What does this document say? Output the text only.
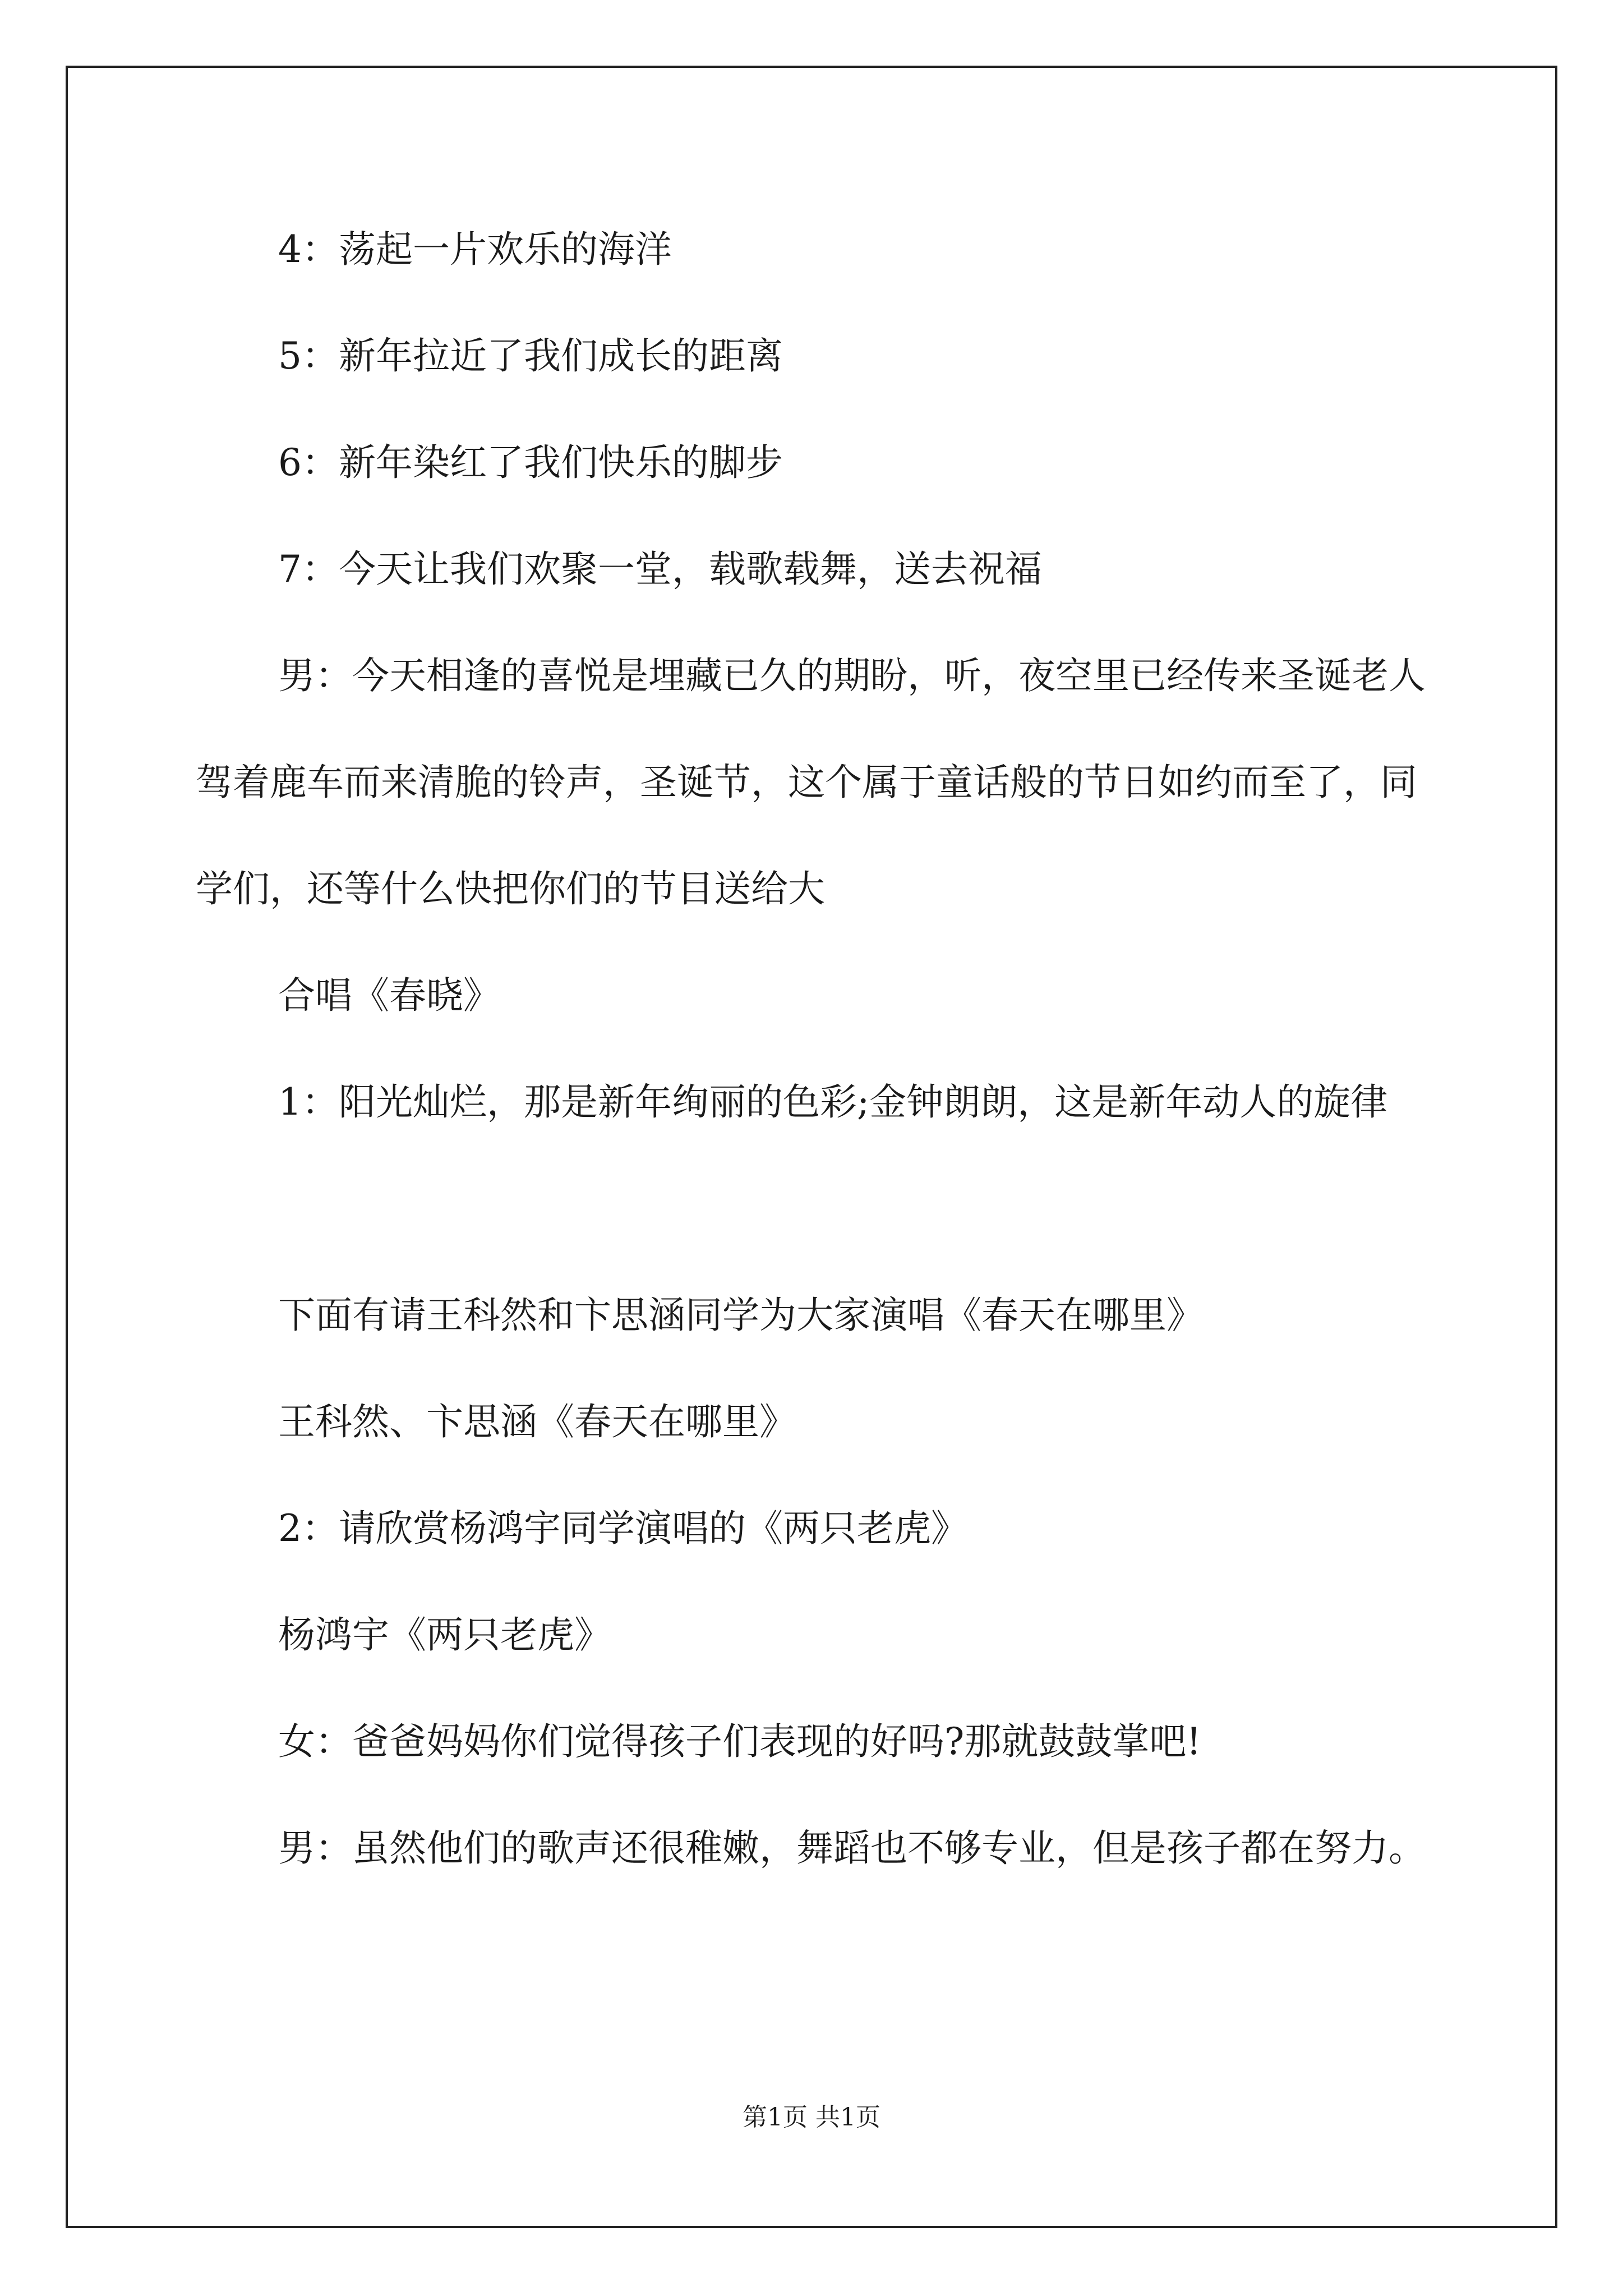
4：荡起一片欢乐的海洋

5：新年拉近了我们成长的距离

6：新年染红了我们快乐的脚步

7：今天让我们欢聚一堂，载歌载舞，送去祝福

男：今天相逢的喜悦是埋藏已久的期盼，听，夜空里已经传来圣诞老人驾着鹿车而来清脆的铃声，圣诞节，这个属于童话般的节日如约而至了，同学们，还等什么快把你们的节目送给大

合唱《春晓》

1：阳光灿烂，那是新年绚丽的色彩;金钟朗朗，这是新年动人的旋律

下面有请王科然和卞思涵同学为大家演唱《春天在哪里》

王科然、卞思涵《春天在哪里》

2：请欣赏杨鸿宇同学演唱的《两只老虎》

杨鸿宇《两只老虎》

女：爸爸妈妈你们觉得孩子们表现的好吗?那就鼓鼓掌吧!

男：虽然他们的歌声还很稚嫩，舞蹈也不够专业，但是孩子都在努力。

第1页 共1页
